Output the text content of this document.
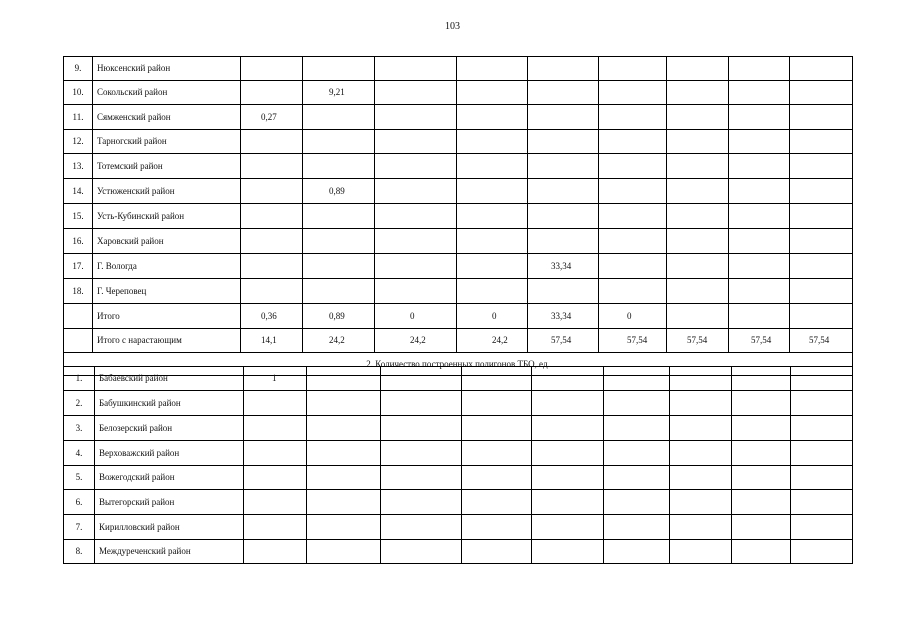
103
9.	Нюксенский район									
10.	Сокольский район		9,21							
11.	Сямженский район	0,27								
12.	Тарногский район									
13.	Тотемский район									
14.	Устюженский район		0,89							
15.	Усть-Кубинский район									
16.	Харовский район									
17.	Г. Вологда					33,34				
18.	Г. Череповец									
	Итого	0,36	0,89	0	0	33,34	0			
	Итого с нарастающим	14,1	24,2	24,2	24,2	57,54	57,54	57,54	57,54	57,54
2. Количество построенных полигонов ТБО, ед.										
1.	Бабаевский район	1								
2.	Бабушкинский район									
3.	Белозерский район									
4.	Верховажский район									
5.	Вожегодский район									
6.	Вытегорский район									
7.	Кирилловский район									
8.	Междуреченский район									
